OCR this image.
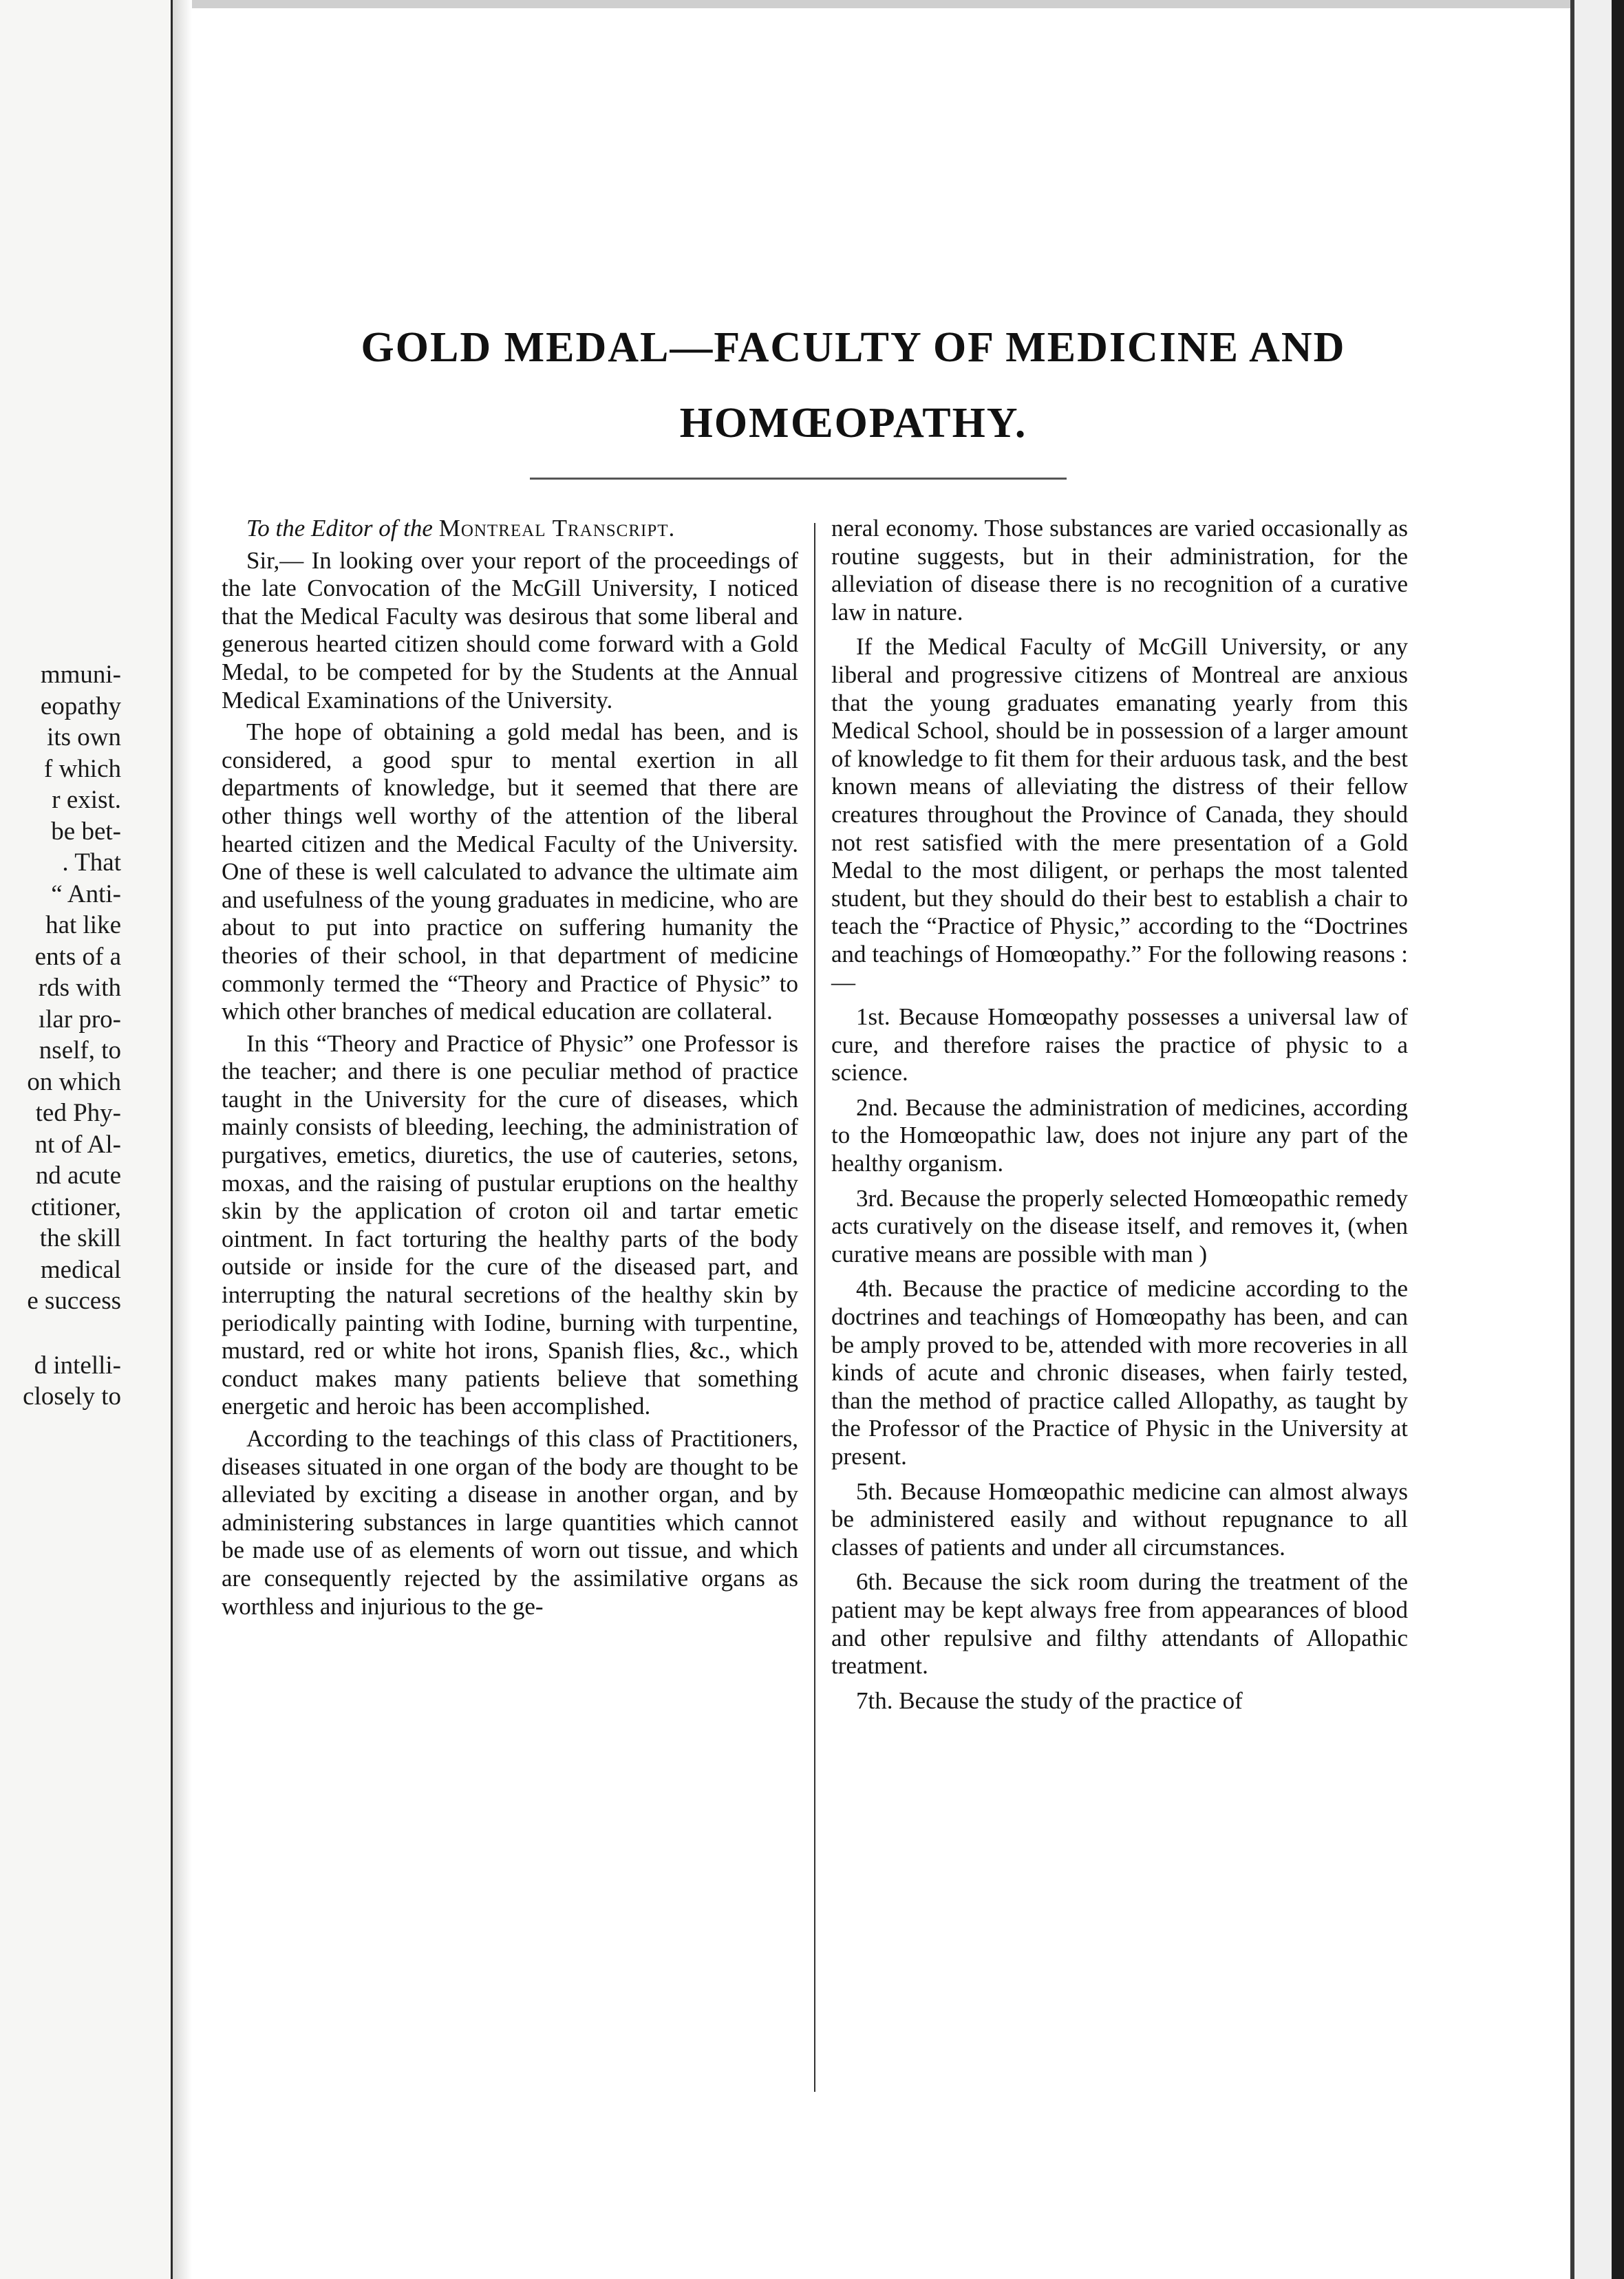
mmuni-
eopathy
its own
f which
r exist.
be bet-
. That
“ Anti-
hat like
ents of a
rds with
ılar pro-
nself, to
on which
ted Phy-
nt of Al-
nd acute
ctitioner,
the skill
medical
e success
d intelli-
closely to
GOLD MEDAL—FACULTY OF MEDICINE AND
HOMŒOPATHY.

To the Editor of the Montreal Transcript.

Sir,— In looking over your report of the proceedings of the late Convocation of the McGill University, I noticed that the Medical Faculty was desirous that some liberal and generous hearted citizen should come forward with a Gold Medal, to be competed for by the Students at the Annual Medical Examinations of the University.

The hope of obtaining a gold medal has been, and is considered, a good spur to mental exertion in all departments of knowledge, but it seemed that there are other things well worthy of the attention of the liberal hearted citizen and the Medical Faculty of the University. One of these is well calculated to advance the ultimate aim and usefulness of the young graduates in medicine, who are about to put into practice on suffering humanity the theories of their school, in that department of medicine commonly termed the “Theory and Practice of Physic” to which other branches of medical education are collateral.

In this “Theory and Practice of Physic” one Professor is the teacher; and there is one peculiar method of practice taught in the University for the cure of diseases, which mainly consists of bleeding, leeching, the administration of purgatives, emetics, diuretics, the use of cauteries, setons, moxas, and the raising of pustular eruptions on the healthy skin by the application of croton oil and tartar emetic ointment. In fact torturing the healthy parts of the body outside or inside for the cure of the diseased part, and interrupting the natural secretions of the healthy skin by periodically painting with Iodine, burning with turpentine, mustard, red or white hot irons, Spanish flies, &c., which conduct makes many patients believe that something energetic and heroic has been accomplished.

According to the teachings of this class of Practitioners, diseases situated in one organ of the body are thought to be alleviated by exciting a disease in another organ, and by administering substances in large quantities which cannot be made use of as elements of worn out tissue, and which are consequently rejected by the assimilative organs as worthless and injurious to the ge-

neral economy. Those substances are varied occasionally as routine suggests, but in their administration, for the alleviation of disease there is no recognition of a curative law in nature.

If the Medical Faculty of McGill University, or any liberal and progressive citizens of Montreal are anxious that the young graduates emanating yearly from this Medical School, should be in possession of a larger amount of knowledge to fit them for their arduous task, and the best known means of alleviating the distress of their fellow creatures throughout the Province of Canada, they should not rest satisfied with the mere presentation of a Gold Medal to the most diligent, or perhaps the most talented student, but they should do their best to establish a chair to teach the “Practice of Physic,” according to the “Doctrines and teachings of Homœopathy.” For the following reasons :—

1st. Because Homœopathy possesses a universal law of cure, and therefore raises the practice of physic to a science.

2nd. Because the administration of medicines, according to the Homœopathic law, does not injure any part of the healthy organism.

3rd. Because the properly selected Homœopathic remedy acts curatively on the disease itself, and removes it, (when curative means are possible with man )

4th. Because the practice of medicine according to the doctrines and teachings of Homœopathy has been, and can be amply proved to be, attended with more recoveries in all kinds of acute and chronic diseases, when fairly tested, than the method of practice called Allopathy, as taught by the Professor of the Practice of Physic in the University at present.

5th. Because Homœopathic medicine can almost always be administered easily and without repugnance to all classes of patients and under all circumstances.

6th. Because the sick room during the treatment of the patient may be kept always free from appearances of blood and other repulsive and filthy attendants of Allopathic treatment.

7th. Because the study of the practice of
